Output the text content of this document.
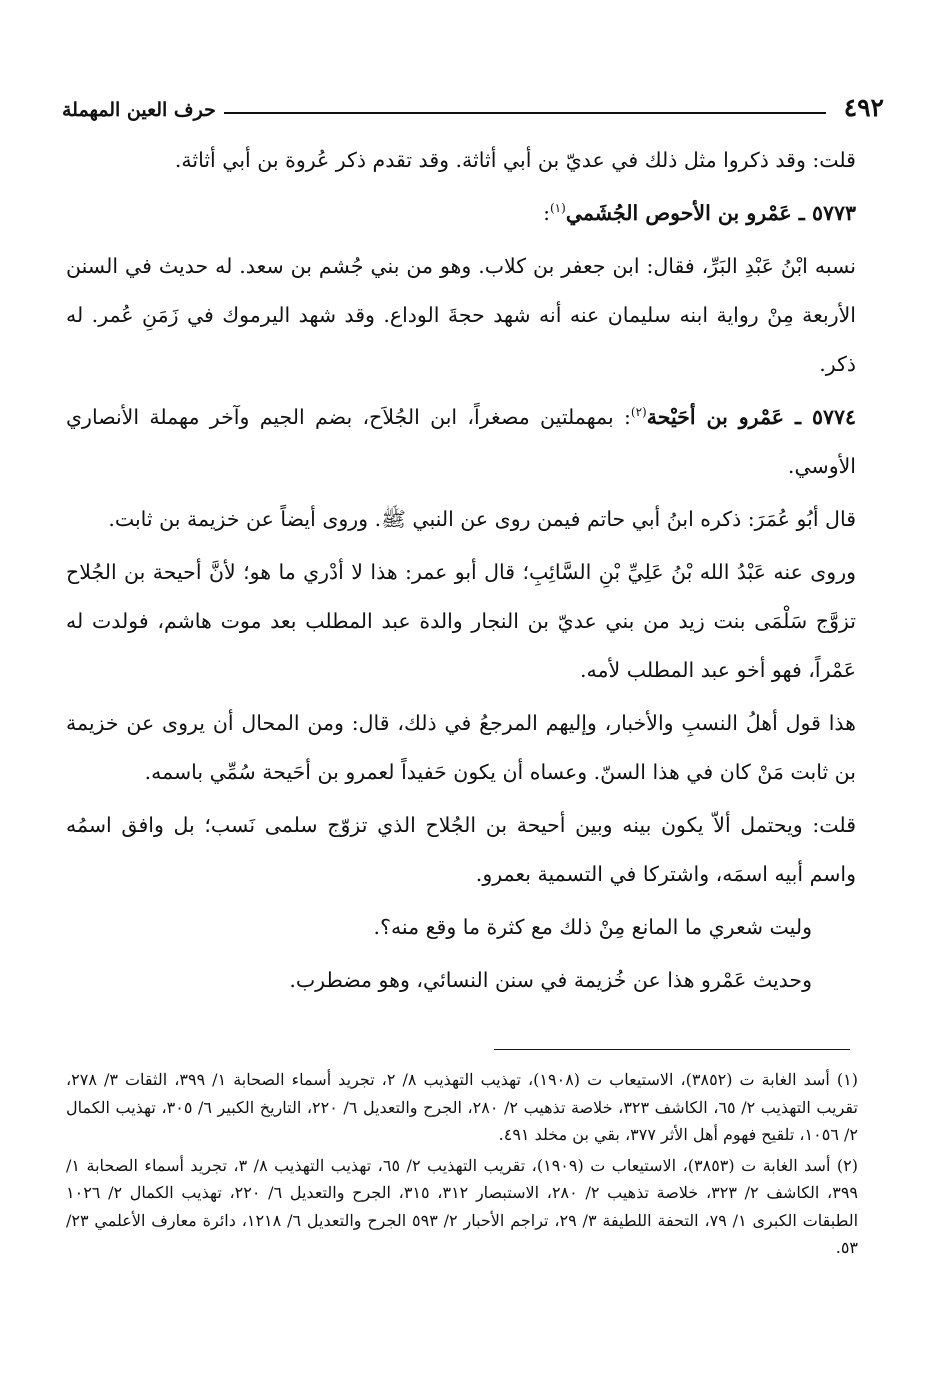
٤٩٢
حرف العين المهملة

قلت: وقد ذكروا مثل ذلك في عديّ بن أبي أثاثة. وقد تقدم ذكر عُروة بن أبي أثاثة.

٥٧٧٣ ـ عَمْرو بن الأحوص الجُشَمي$^{(١)}$:

نسبه ابْنُ عَبْدِ البَرِّ، فقال: ابن جعفر بن كلاب. وهو من بني جُشم بن سعد. له حديث في السنن الأربعة مِنْ رواية ابنه سليمان عنه أنه شهد حجةَ الوداع. وقد شهد اليرموك في زَمَنِ عُمر. له ذكر.

٥٧٧٤ ـ عَمْرو بن أحَيْحة$^{(٢)}$: بمهملتين مصغراً، ابن الجُلاَح، بضم الجيم وآخر مهملة الأنصاري الأوسي.

قال أبُو عُمَرَ: ذكره ابنُ أبي حاتم فيمن روى عن النبي ﷺ. وروى أيضاً عن خزيمة بن ثابت.

وروى عنه عَبْدُ الله بْنُ عَلِيِّ بْنِ السَّائِبِ؛ قال أبو عمر: هذا لا أدْري ما هو؛ لأنَّ أحيحة بن الجُلاح تزوَّج سَلْمَى بنت زيد من بني عديّ بن النجار والدة عبد المطلب بعد موت هاشم، فولدت له عَمْراً، فهو أخو عبد المطلب لأمه.

هذا قول أهلُ النسبِ والأخبار، وإليهم المرجعُ في ذلك، قال: ومن المحال أن يروى عن خزيمة بن ثابت مَنْ كان في هذا السنّ. وعساه أن يكون حَفيداً لعمرو بن أحَيحة سُمِّي باسمه.

قلت: ويحتمل ألاّ يكون بينه وبين أحيحة بن الجُلاح الذي تزوّج سلمى نَسب؛ بل وافق اسمُه واسم أبيه اسمَه، واشتركا في التسمية بعمرو.

وليت شعري ما المانع مِنْ ذلك مع كثرة ما وقع منه؟.

وحديث عَمْرو هذا عن خُزيمة في سنن النسائي، وهو مضطرب.

(١) أسد الغابة ت (٣٨٥٢)، الاستيعاب ت (١٩٠٨)، تهذيب التهذيب ٨/ ٢، تجريد أسماء الصحابة ١/ ٣٩٩، الثقات ٣/ ٢٧٨، تقريب التهذيب ٢/ ٦٥، الكاشف ٣٢٣، خلاصة تذهيب ٢/ ٢٨٠، الجرح والتعديل ٦/ ٢٢٠، التاريخ الكبير ٦/ ٣٠٥، تهذيب الكمال ٢/ ١٠٥٦، تلقيح فهوم أهل الأثر ٣٧٧، بقي بن مخلد ٤٩١.

(٢) أسد الغابة ت (٣٨٥٣)، الاستيعاب ت (١٩٠٩)، تقريب التهذيب ٢/ ٦٥، تهذيب التهذيب ٨/ ٣، تجريد أسماء الصحابة ١/ ٣٩٩، الكاشف ٢/ ٣٢٣، خلاصة تذهيب ٢/ ٢٨٠، الاستبصار ٣١٢، ٣١٥، الجرح والتعديل ٦/ ٢٢٠، تهذيب الكمال ٢/ ١٠٢٦ الطبقات الكبرى ١/ ٧٩، التحفة اللطيفة ٣/ ٢٩، تراجم الأحبار ٢/ ٥٩٣ الجرح والتعديل ٦/ ١٢١٨، دائرة معارف الأعلمي ٢٣/ ٥٣.
